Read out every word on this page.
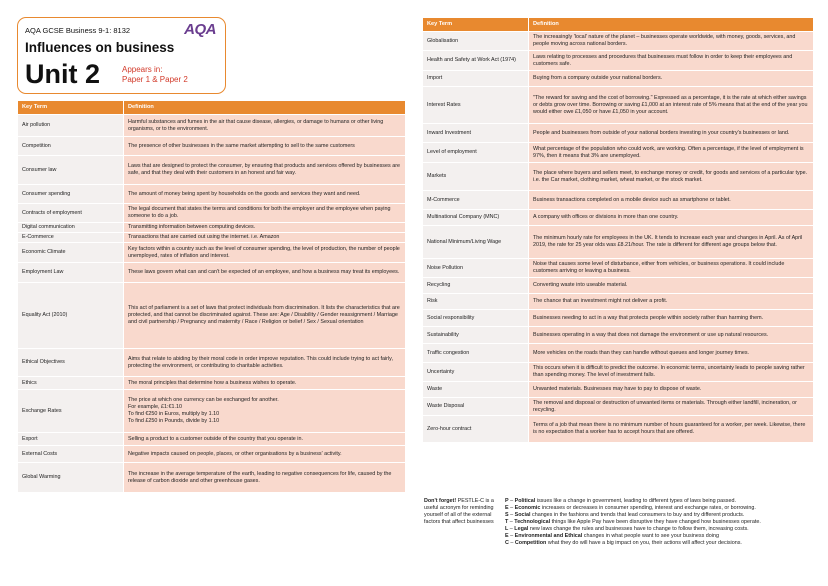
AQA GCSE Business 9-1: 8132	AQA
Influences on business
Unit 2	Appears in:
Paper 1 & Paper 2
Key Term	Definition
Air pollution	Harmful substances and fumes in the air that cause disease, allergies, or damage to humans or other living organisms, or to the environment.

Competition	The presence of other businesses in the same market attempting to sell to the same customers

Consumer law	Laws that are designed to protect the consumer, by ensuring that products and services offered by businesses are safe, and that they deal with their customers in an honest and fair way.

Consumer spending	The amount of money being spent by households on the goods and services they want and need.

Contracts of employment	The legal document that states the terms and conditions for both the employer and the employee when paying someone to do a job.

Digital communication	Transmitting information between computing devices.

E-Commerce	Transactions that are carried out using the internet. i.e. Amazon

Economic Climate	Key factors within a country such as the level of consumer spending, the level of production, the number of people unemployed, rates of inflation and interest.

Employment Law	These laws govern what can and can't be expected of an employee, and how a business may treat its employees.

Equality Act (2010)	This act of parliament is a set of laws that protect individuals from discrimination. It lists the characteristics that are protected, and that cannot be discriminated against. These are: Age / Disability / Gender reassignment / Marriage and civil partnership / Pregnancy and maternity / Race / Religion or belief / Sex / Sexual orientation

Ethical Objectives	Aims that relate to abiding by their moral code in order improve reputation. This could include trying to act fairly, protecting the environment, or contributing to charitable activities.

Ethics	The moral principles that determine how a business wishes to operate.

Exchange Rates	The price at which one currency can be exchanged for another.
For example, £1:€1.10
To find €250 in Euros, multiply by 1.10
To find £250 in Pounds, divide by 1.10

Export	Selling a product to a customer outside of the country that you operate in.

External Costs	Negative impacts caused on people, places, or other organisations by a business' activity.

Global Warming	The increase in the average temperature of the earth, leading to negative consequences for life, caused by the release of carbon dioxide and other greenhouse gases.
Key Term	Definition
Globalisation	The increasingly 'local' nature of the planet – businesses operate worldwide, with money, goods, services, and people moving across national borders.

Health and Safety at Work Act (1974)	Laws relating to processes and procedures that businesses must follow in order to keep their employees and customers safe.

Import	Buying from a company outside your national borders.

Interest Rates	"The reward for saving and the cost of borrowing." Expressed as a percentage, it is the rate at which either savings or debts grow over time. Borrowing or saving £1,000 at an interest rate of 5% means that at the end of the year you would either owe £1,050 or have £1,050 in your account.

Inward Investment	People and businesses from outside of your national borders investing in your country's businesses or land.

Level of employment	What percentage of the population who could work, are working. Often a percentage, if the level of employment is 97%, then it means that 3% are unemployed.

Markets	The place where buyers and sellers meet, to exchange money or credit, for goods and services of a particular type. i.e. the Car market, clothing market, wheat market, or the stock market.

M-Commerce	Business transactions completed on a mobile device such as smartphone or tablet.

Multinational Company (MNC)	A company with offices or divisions in more than one country.

National Minimum/Living Wage	The minimum hourly rate for employees in the UK. It tends to increase each year and changes in April. As of April 2019, the rate for 25 year olds was £8.21/hour. The rate is different for different age groups below that.

Noise Pollution	Noise that causes some level of disturbance, either from vehicles, or business operations. It could include customers arriving or leaving a business.

Recycling	Converting waste into useable material.

Risk	The chance that an investment might not deliver a profit.

Social responsibility	Businesses needing to act in a way that protects people within society rather than harming them.

Sustainability	Businesses operating in a way that does not damage the environment or use up natural resources.

Traffic congestion	More vehicles on the roads than they can handle without queues and longer journey times.

Uncertainty	This occurs when it is difficult to predict the outcome. In economic terms, uncertainty leads to people saving rather than spending money. The level of investment falls.

Waste	Unwanted materials. Businesses may have to pay to dispose of waste.

Waste Disposal	The removal and disposal or destruction of unwanted items or materials. Through either landfill, incineration, or recycling.

Zero-hour contract	Terms of a job that mean there is no minimum number of hours guaranteed for a worker, per week. Likewise, there is no expectation that a worker has to accept hours that are offered.
Don't forget! PESTLE-C is a useful acronym for reminding yourself of all of the external factors that affect businesses
P – Political issues like a change in government, leading to different types of laws being passed.
E – Economic increases or decreases in consumer spending, interest and exchange rates, or borrowing.
S – Social changes in the fashions and trends that lead consumers to buy and try different products.
T – Technological things like Apple Pay have been disruptive they have changed how businesses operate.
L – Legal new laws change the rules and businesses have to change to follow them, increasing costs.
E – Environmental and Ethical changes in what people want to see your business doing
C – Competition what they do will have a big impact on you, their actions will affect your decisions.
